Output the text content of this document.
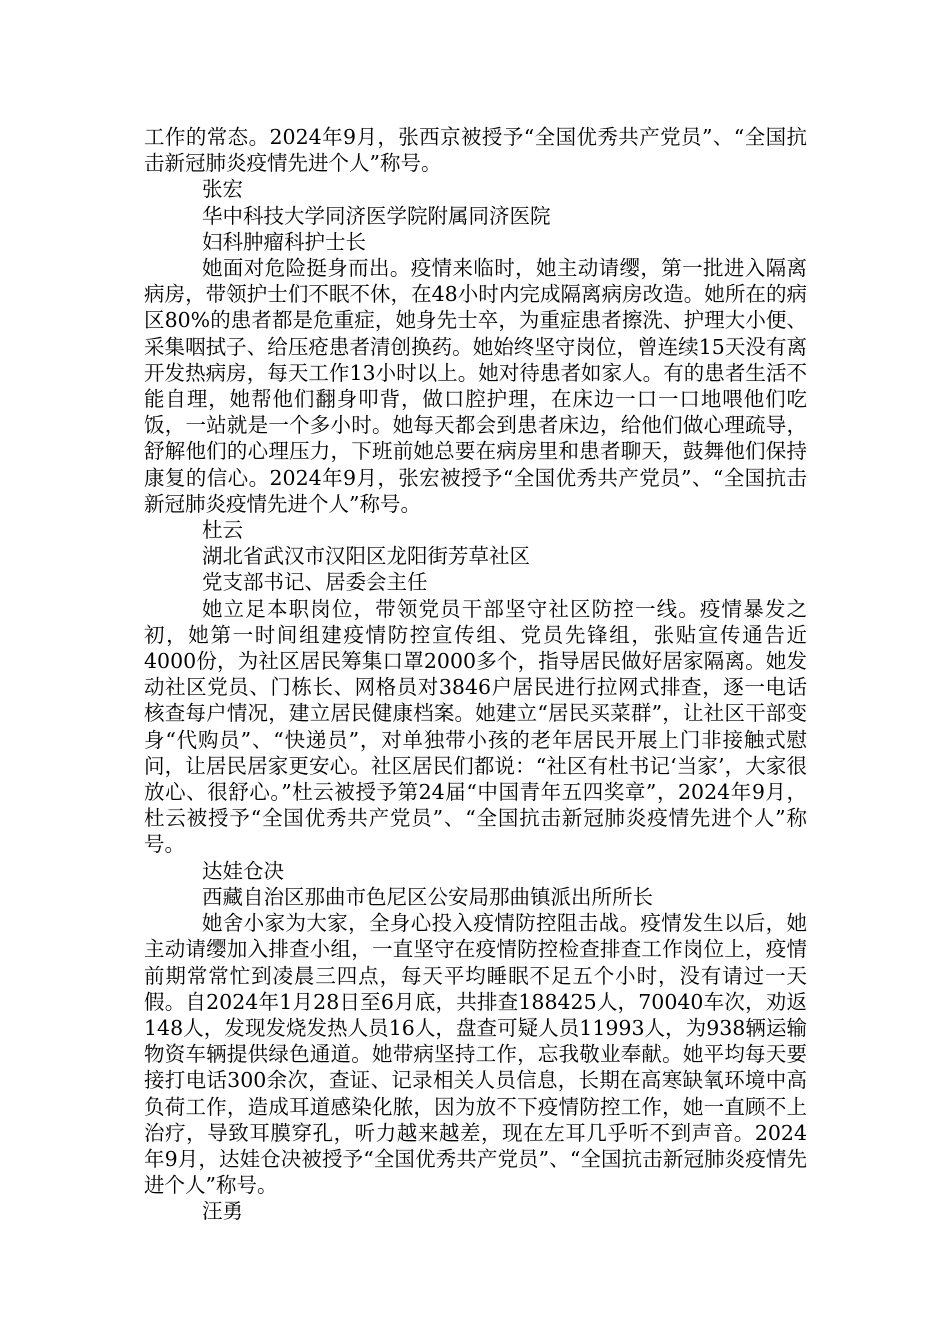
工作的常态。2024年9月，张西京被授予“全国优秀共产党员”、“全国抗击新冠肺炎疫情先进个人”称号。

张宏

华中科技大学同济医学院附属同济医院

妇科肿瘤科护士长

她面对危险挺身而出。疫情来临时，她主动请缨，第一批进入隔离病房，带领护士们不眠不休，在48小时内完成隔离病房改造。她所在的病区80%的患者都是危重症，她身先士卒，为重症患者擦洗、护理大小便、采集咽拭子、给压疮患者清创换药。她始终坚守岗位，曾连续15天没有离开发热病房，每天工作13小时以上。她对待患者如家人。有的患者生活不能自理，她帮他们翻身叩背，做口腔护理，在床边一口一口地喂他们吃饭，一站就是一个多小时。她每天都会到患者床边，给他们做心理疏导，舒解他们的心理压力，下班前她总要在病房里和患者聊天，鼓舞他们保持康复的信心。2024年9月，张宏被授予“全国优秀共产党员”、“全国抗击新冠肺炎疫情先进个人”称号。

杜云

湖北省武汉市汉阳区龙阳街芳草社区

党支部书记、居委会主任

她立足本职岗位，带领党员干部坚守社区防控一线。疫情暴发之初，她第一时间组建疫情防控宣传组、党员先锋组，张贴宣传通告近4000份，为社区居民筹集口罩2000多个，指导居民做好居家隔离。她发动社区党员、门栋长、网格员对3846户居民进行拉网式排查，逐一电话核查每户情况，建立居民健康档案。她建立“居民买菜群”，让社区干部变身“代购员”、“快递员”，对单独带小孩的老年居民开展上门非接触式慰问，让居民居家更安心。社区居民们都说：“社区有杜书记‘当家’，大家很放心、很舒心。”杜云被授予第24届“中国青年五四奖章”，2024年9月，杜云被授予“全国优秀共产党员”、“全国抗击新冠肺炎疫情先进个人”称号。

达娃仓决

西藏自治区那曲市色尼区公安局那曲镇派出所所长

她舍小家为大家，全身心投入疫情防控阻击战。疫情发生以后，她主动请缨加入排查小组，一直坚守在疫情防控检查排查工作岗位上，疫情前期常常忙到凌晨三四点，每天平均睡眠不足五个小时，没有请过一天假。自2024年1月28日至6月底，共排查188425人，70040车次，劝返148人，发现发烧发热人员16人，盘查可疑人员11993人，为938辆运输物资车辆提供绿色通道。她带病坚持工作，忘我敬业奉献。她平均每天要接打电话300余次，查证、记录相关人员信息，长期在高寒缺氧环境中高负荷工作，造成耳道感染化脓，因为放不下疫情防控工作，她一直顾不上治疗，导致耳膜穿孔，听力越来越差，现在左耳几乎听不到声音。2024年9月，达娃仓决被授予“全国优秀共产党员”、“全国抗击新冠肺炎疫情先进个人”称号。

汪勇
